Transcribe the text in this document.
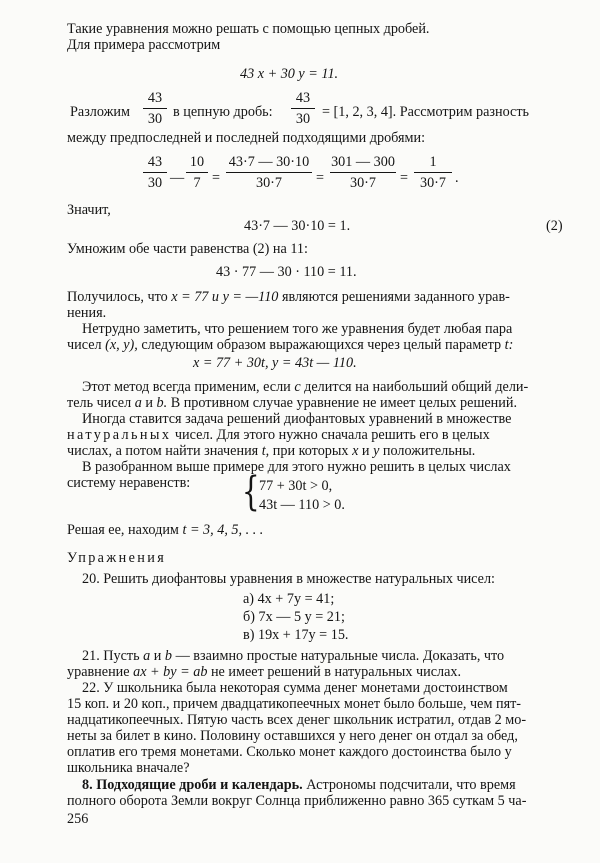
Такие уравнения можно решать с помощью цепных дробей.
Для примера рассмотрим
43 x + 30 y = 11.
Разложим
43
30 в цепную дробь:
43
30 = [1, 2, 3, 4]. Рассмотрим разность
между предпоследней и последней подходящими дробями:
43
30 —
10
7 =
43·7 — 30·10
30·7	=
301 — 300
30·7	=
1
30·7 .
Значит,
43·7 — 30·10 = 1.	(2)
Умножим обе части равенства (2) на 11:
43 · 77 — 30 · 110 = 11.
Получилось, что x = 77 и y = —110 являются решениями заданного урав-
нения.
Нетрудно заметить, что решением того же уравнения будет любая пара
чисел (x, y), следующим образом выражающихся через целый параметр t:
x = 77 + 30t, y = 43t — 110.
Этот метод всегда применим, если c делится на наибольший общий дели-
тель чисел a и b. В противном случае уравнение не имеет целых решений.
Иногда ставится задача решений диофантовых уравнений в множестве
натуральных чисел. Для этого нужно сначала решить его в целых
числах, а потом найти значения t, при которых x и y положительны.
В разобранном выше примере для этого нужно решить в целых числах
систему неравенств: { 77 + 30t > 0,
43t — 110 > 0.
Решая ее, находим t = 3, 4, 5, . . .
Упражнения
20. Решить диофантовы уравнения в множестве натуральных чисел:
а) 4x + 7y = 41;
б) 7x — 5 y = 21;
в) 19x + 17y = 15.
21. Пусть a и b — взаимно простые натуральные числа. Доказать, что
уравнение ax + by = ab не имеет решений в натуральных числах.
22. У школьника была некоторая сумма денег монетами достоинством
15 коп. и 20 коп., причем двадцатикопеечных монет было больше, чем пят-
надцатикопеечных. Пятую часть всех денег школьник истратил, отдав 2 мо-
неты за билет в кино. Половину оставшихся у него денег он отдал за обед,
оплатив его тремя монетами. Сколько монет каждого достоинства было у
школьника вначале?
8. Подходящие дроби и календарь. Астрономы подсчитали, что время
полного оборота Земли вокруг Солнца приближенно равно 365 суткам 5 ча-
256
